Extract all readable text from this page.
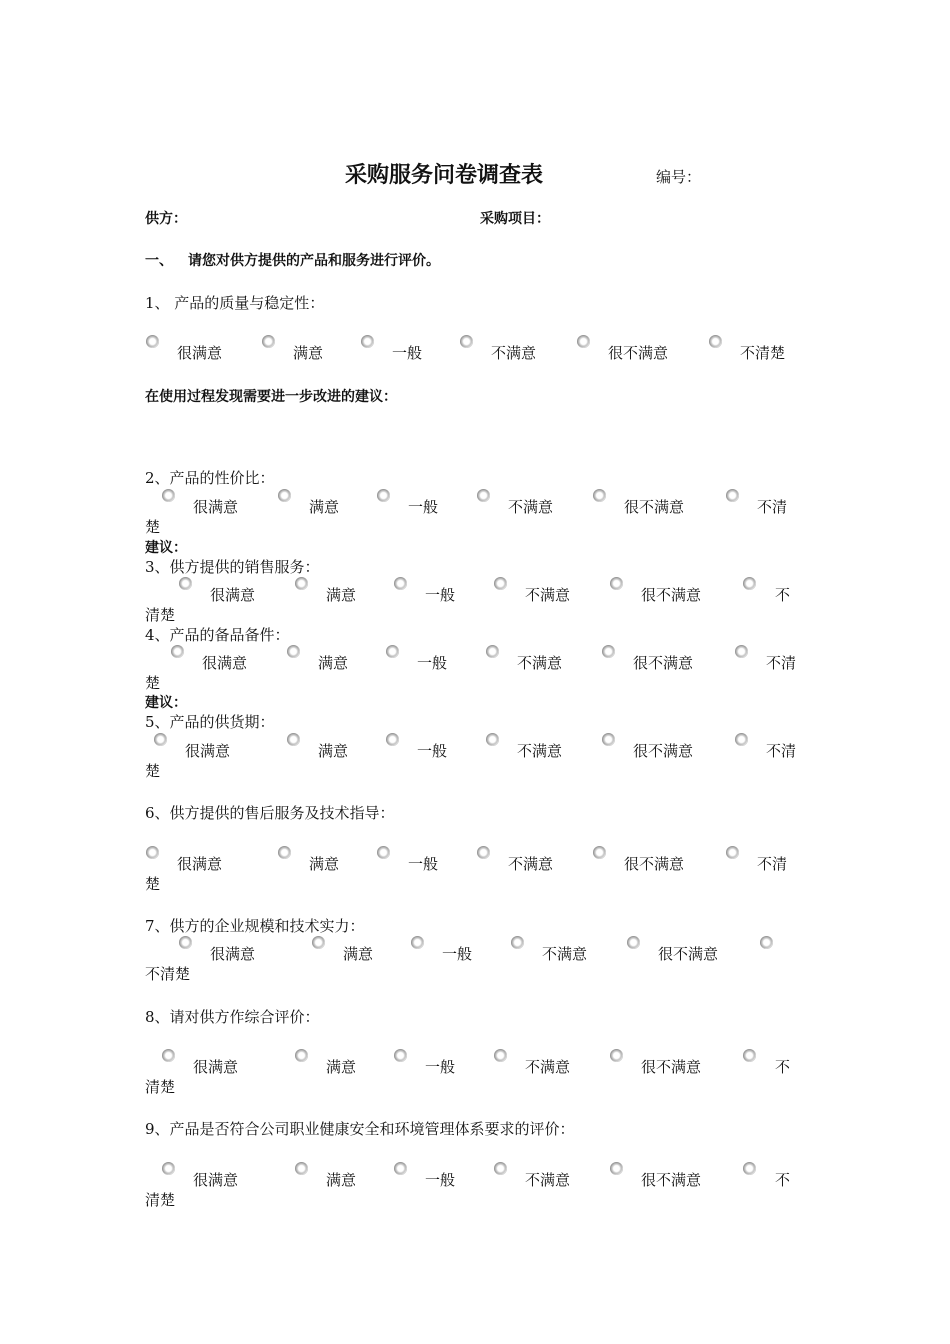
采购服务问卷调查表	编号：
供方：	采购项目：
一、 请您对供方提供的产品和服务进行评价。
1、 产品的质量与稳定性：
很满意	满意	一般	不满意	很不满意	不清楚
在使用过程发现需要进一步改进的建议：
2、产品的性价比：
很满意	满意	一般	不满意	很不满意	不清
楚
建议：
3、供方提供的销售服务：
很满意	满意	一般	不满意	很不满意	不
清楚
4、产品的备品备件：
很满意	满意	一般	不满意	很不满意	不清
楚
建议：
5、产品的供货期：
很满意	满意	一般	不满意	很不满意	不清
楚
6、供方提供的售后服务及技术指导：
很满意	满意	一般	不满意	很不满意	不清
楚
7、供方的企业规模和技术实力：
很满意	满意	一般	不满意	很不满意
不清楚
8、请对供方作综合评价：
很满意	满意	一般	不满意	很不满意	不
清楚
9、产品是否符合公司职业健康安全和环境管理体系要求的评价：
很满意	满意	一般	不满意	很不满意	不
清楚
